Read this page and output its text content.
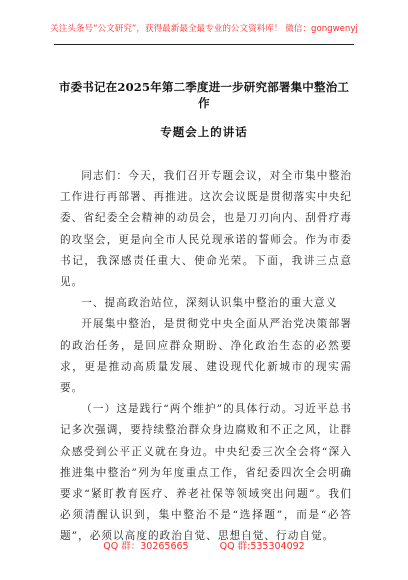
关注头条号“公文研究”，获得最新最全最专业的公文资料库！ 微信：gongwenyj
市委书记在2025年第二季度进一步研究部署集中整治工作
专题会上的讲话

同志们：今天，我们召开专题会议，对全市集中整治工作进行再部署、再推进。这次会议既是贯彻落实中央纪委、省纪委全会精神的动员会，也是刀刃向内、刮骨疗毒的攻坚会，更是向全市人民兑现承诺的誓师会。作为市委书记，我深感责任重大、使命光荣。下面，我讲三点意见。

一、提高政治站位，深刻认识集中整治的重大意义

开展集中整治，是贯彻党中央全面从严治党决策部署的政治任务，是回应群众期盼、净化政治生态的必然要求，更是推动高质量发展、建设现代化新城市的现实需要。

（一）这是践行“两个维护”的具体行动。习近平总书记多次强调，要持续整治群众身边腐败和不正之风，让群众感受到公平正义就在身边。中央纪委三次全会将“深入推进集中整治”列为年度重点工作，省纪委四次全会明确要求“紧盯教育医疗、养老社保等领域突出问题”。我们必须清醒认识到，集中整治不是“选择题”，而是“必答题”，必须以高度的政治自觉、思想自觉、行动自觉。

QQ 群：30265665	QQ 群:535304092
